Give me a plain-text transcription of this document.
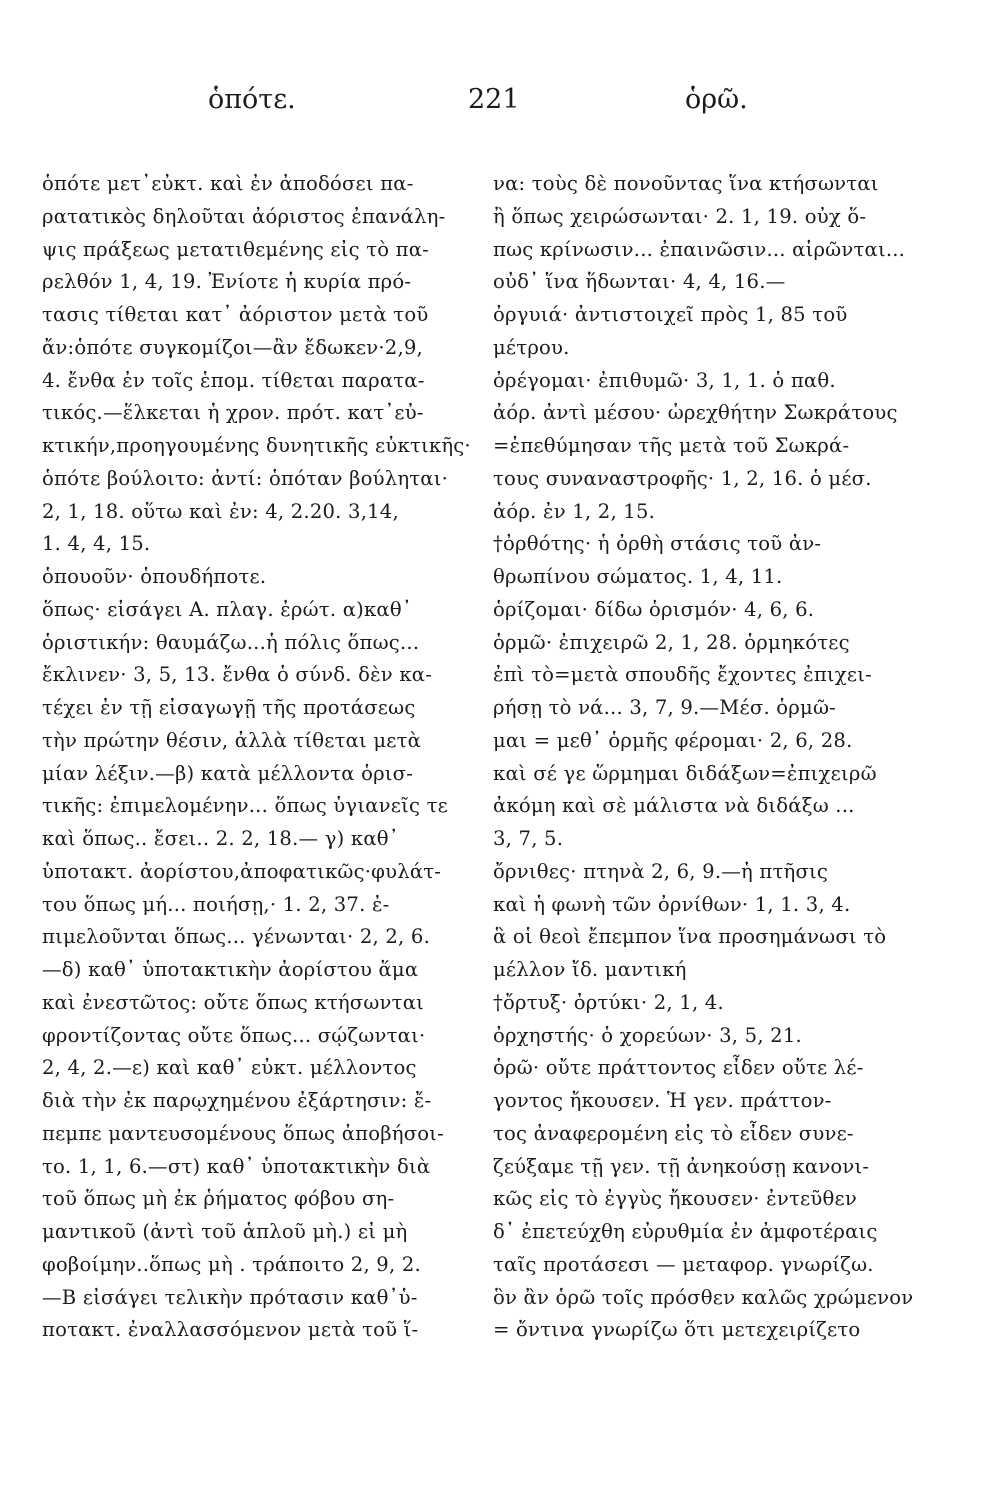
ὁπότε.	221	ὁρῶ.
ὁπότε μετ᾽εὐκτ. καὶ ἐν ἀποδόσει πα-
ρατατικὸς δηλοῦται ἀόριστος ἐπανάλη-
ψις πράξεως μετατιθεμένης εἰς τὸ πα-
ρελθόν 1, 4, 19. Ἐνίοτε ἡ κυρία πρό-
τασις τίθεται κατ᾽ ἀόριστον μετὰ τοῦ
ἄν:ὁπότε συγκομίζοι—ἂν ἔδωκεν·2,9,
4. ἔνθα ἐν τοῖς ἑπομ. τίθεται παρατα-
τικός.—ἕλκεται ἡ χρον. πρότ. κατ᾽εὐ-
κτικήν,προηγουμένης δυνητικῆς εὐκτικῆς·
ὁπότε βούλοιτο: ἀντί: ὁπόταν βούληται·
2, 1, 18. οὕτω καὶ ἐν: 4, 2.20. 3,14,
1. 4, 4, 15.
ὁπουοῦν· ὁπουδήποτε.
ὅπως· εἰσάγει Α. πλαγ. ἐρώτ. α)καθ᾽
ὁριστικήν: θαυμάζω...ἡ πόλις ὅπως...
ἔκλινεν· 3, 5, 13. ἔνθα ὁ σύνδ. δὲν κα-
τέχει ἐν τῇ εἰσαγωγῇ τῆς προτάσεως
τὴν πρώτην θέσιν, ἀλλὰ τίθεται μετὰ
μίαν λέξιν.—β) κατὰ μέλλοντα ὁρισ-
τικῆς: ἐπιμελομένην... ὅπως ὑγιανεῖς τε
καὶ ὅπως.. ἔσει.. 2. 2, 18.— γ) καθ᾽
ὑποτακτ. ἀορίστου,ἀποφατικῶς·φυλάτ-
του ὅπως μή... ποιήσῃ,· 1. 2, 37. ἐ-
πιμελοῦνται ὅπως... γένωνται· 2, 2, 6.
—δ) καθ᾽ ὑποτακτικὴν ἀορίστου ἅμα
καὶ ἐνεστῶτος: οὔτε ὅπως κτήσωνται
φροντίζοντας οὔτε ὅπως... σῴζωνται·
2, 4, 2.—ε) καὶ καθ᾽ εὐκτ. μέλλοντος
διὰ τὴν ἐκ παρῳχημένου ἐξάρτησιν: ἔ-
πεμπε μαντευσομένους ὅπως ἀποβήσοι-
το. 1, 1, 6.—στ) καθ᾽ ὑποτακτικὴν διὰ
τοῦ ὅπως μὴ ἐκ ῥήματος φόβου ση-
μαντικοῦ (ἀντὶ τοῦ ἁπλοῦ μὴ.) εἰ μὴ
φοβοίμην..ὅπως μὴ . τράποιτο 2, 9, 2.
—Β εἰσάγει τελικὴν πρότασιν καθ᾽ὑ-
ποτακτ. ἐναλλασσόμενον μετὰ τοῦ ἵ-
να: τοὺς δὲ πονοῦντας ἵνα κτήσωνται
ἢ ὅπως χειρώσωνται· 2. 1, 19. οὐχ ὅ-
πως κρίνωσιν... ἐπαινῶσιν... αἱρῶνται...
οὐδ᾽ ἵνα ἥδωνται· 4, 4, 16.—
ὀργυιά· ἀντιστοιχεῖ πρὸς 1, 85 τοῦ
μέτρου.
ὀρέγομαι· ἐπιθυμῶ· 3, 1, 1. ὁ παθ.
ἀόρ. ἀντὶ μέσου· ὠρεχθήτην Σωκράτους
=ἐπεθύμησαν τῆς μετὰ τοῦ Σωκρά-
τους συναναστροφῆς· 1, 2, 16. ὁ μέσ.
ἀόρ. ἐν 1, 2, 15.
†ὀρθότης· ἡ ὀρθὴ στάσις τοῦ ἀν-
θρωπίνου σώματος. 1, 4, 11.
ὁρίζομαι· δίδω ὁρισμόν· 4, 6, 6.
ὁρμῶ· ἐπιχειρῶ 2, 1, 28. ὁρμηκότες
ἐπὶ τὸ=μετὰ σπουδῆς ἔχοντες ἐπιχει-
ρήσῃ τὸ νά... 3, 7, 9.—Μέσ. ὁρμῶ-
μαι = μεθ᾽ ὁρμῆς φέρομαι· 2, 6, 28.
καὶ σέ γε ὥρμημαι διδάξων=ἐπιχειρῶ
ἀκόμη καὶ σὲ μάλιστα νὰ διδάξω ...
3, 7, 5.
ὄρνιθες· πτηνὰ 2, 6, 9.—ἡ πτῆσις
καὶ ἡ φωνὴ τῶν ὀρνίθων· 1, 1. 3, 4.
ἃ οἱ θεοὶ ἔπεμπον ἵνα προσημάνωσι τὸ
μέλλον ἴδ. μαντική
†ὄρτυξ· ὀρτύκι· 2, 1, 4.
ὀρχηστής· ὁ χορεύων· 3, 5, 21.
ὁρῶ· οὔτε πράττοντος εἶδεν οὔτε λέ-
γοντος ἤκουσεν. Ἡ γεν. πράττον-
τος ἀναφερομένη εἰς τὸ εἶδεν συνε-
ζεύξαμε τῇ γεν. τῇ ἀνηκούσῃ κανονι-
κῶς εἰς τὸ ἐγγὺς ἤκουσεν· ἐντεῦθεν
δ᾽ ἐπετεύχθη εὐρυθμία ἐν ἀμφοτέραις
ταῖς προτάσεσι — μεταφορ. γνωρίζω.
ὃν ἂν ὁρῶ τοῖς πρόσθεν καλῶς χρώμενον
= ὄντινα γνωρίζω ὅτι μετεχειρίζετο
